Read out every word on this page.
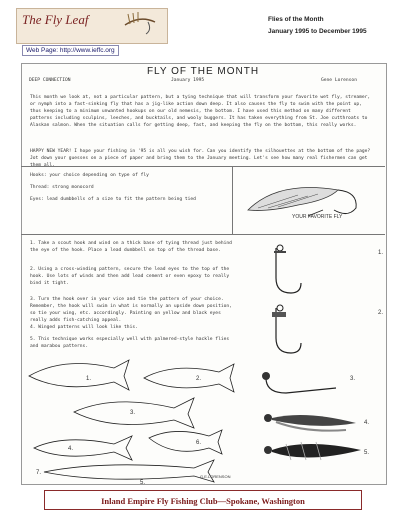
The Fly Leaf
Web Page: http://www.ieffc.org
Flies of the Month
January 1995 to December 1995
FLY OF THE MONTH
DEEP CONNECTION	January 1995	Gene Lorenson
This month we look at, not a particular pattern, but a tying technique that will transform your favorite wet fly, streamer, or nymph into a fast-sinking fly that has a jig-like action down deep. It also causes the fly to swim with the point up, thus keeping to a minimum unwanted hookups on our old nemesis, the bottom. I have used this method on many different patterns including sculpins, leeches, and bucktails, and wooly buggers. It has taken everything from St. Joe cutthroats to Alaskan salmon. When the situation calls for getting deep, fast, and keeping the fly on the bottom, this really works.
HAPPY NEW YEAR! I hope your fishing in '95 is all you wish for. Can you identify the silhouettes at the bottom of the page? Jot down your guesses on a piece of paper and bring them to the January meeting. Let's see how many real fishermen can get them all.
Hooks: your choice depending on type of fly
Thread: strong monocord
Eyes: lead dumbbells of a size to fit the pattern being tied
YOUR FAVORITE FLY
1. Take a scout hook and wind on a thick base of tying thread just behind the eye of the hook. Place a lead dumbbell on top of the thread base.
2. Using a cross-winding pattern, secure the lead eyes to the top of the hook. Use lots of winds and then add lead cement or even epoxy to really bind it tight.
3. Turn the hook over in your vice and tie the pattern of your choice. Remember, the hook will swim in what is normally an upside down position, so tie your wing, etc. accordingly. Painting on yellow and black eyes really adds fish-catching appeal.
4. Winged patterns will look like this.
5. This technique works especially well with palmered-style hackle flies and marabou patterns.
1.
2.
3.
4.
5.
1.	2.
3.
4.
5.
6.
7.
G.E.LORENSON
Inland Empire Fly Fishing Club—Spokane, Washington
